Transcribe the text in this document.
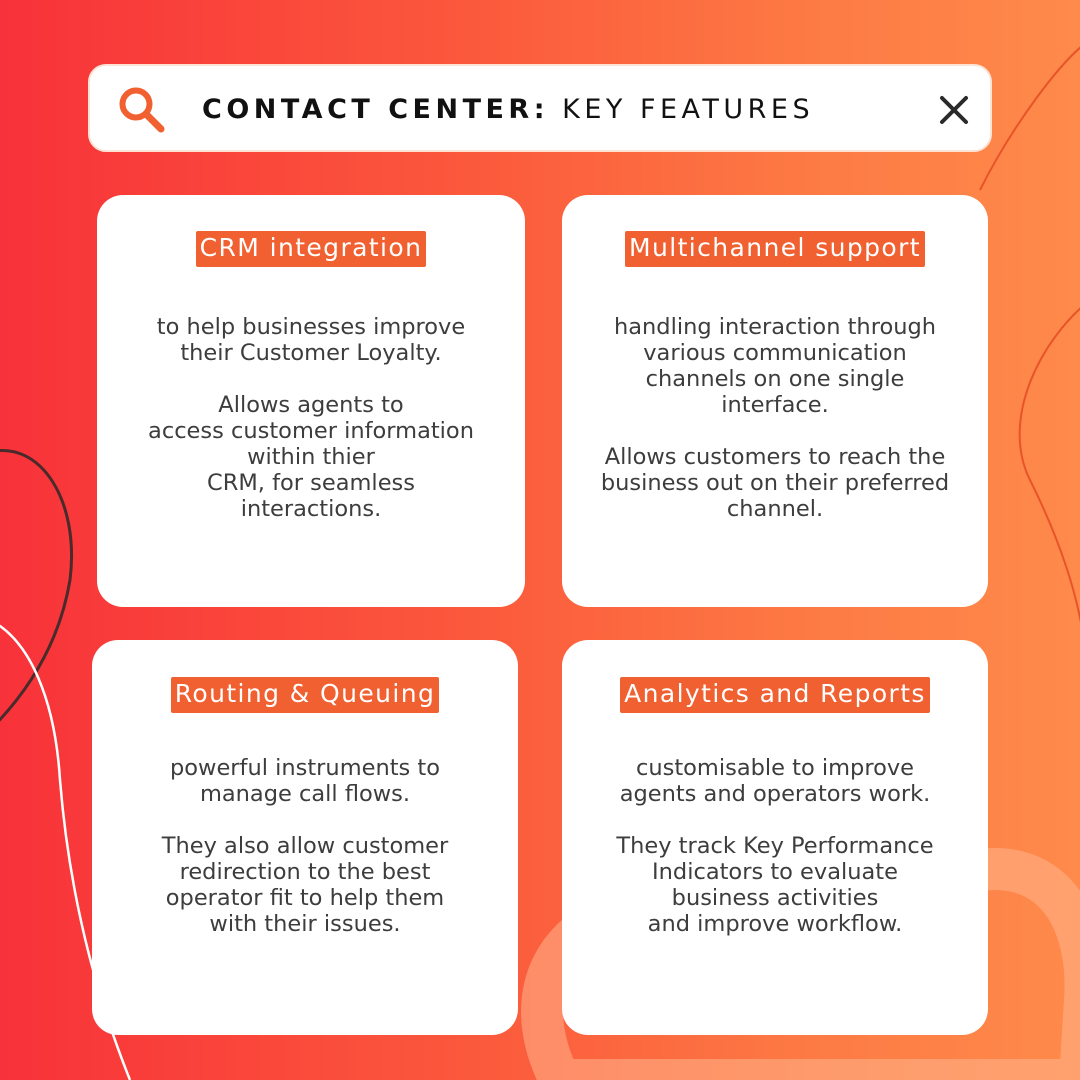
CONTACT CENTER: KEY FEATURES
CRM integration

to help businesses improve
their Customer Loyalty.

Allows agents to
access customer information
within thier
CRM, for seamless
interactions.

Multichannel support

handling interaction through
various communication
channels on one single
interface.

Allows customers to reach the
business out on their preferred
channel.

Routing & Queuing

powerful instruments to
manage call flows.

They also allow customer
redirection to the best
operator fit to help them
with their issues.

Analytics and Reports

customisable to improve
agents and operators work.

They track Key Performance
Indicators to evaluate
business activities
and improve workflow.
